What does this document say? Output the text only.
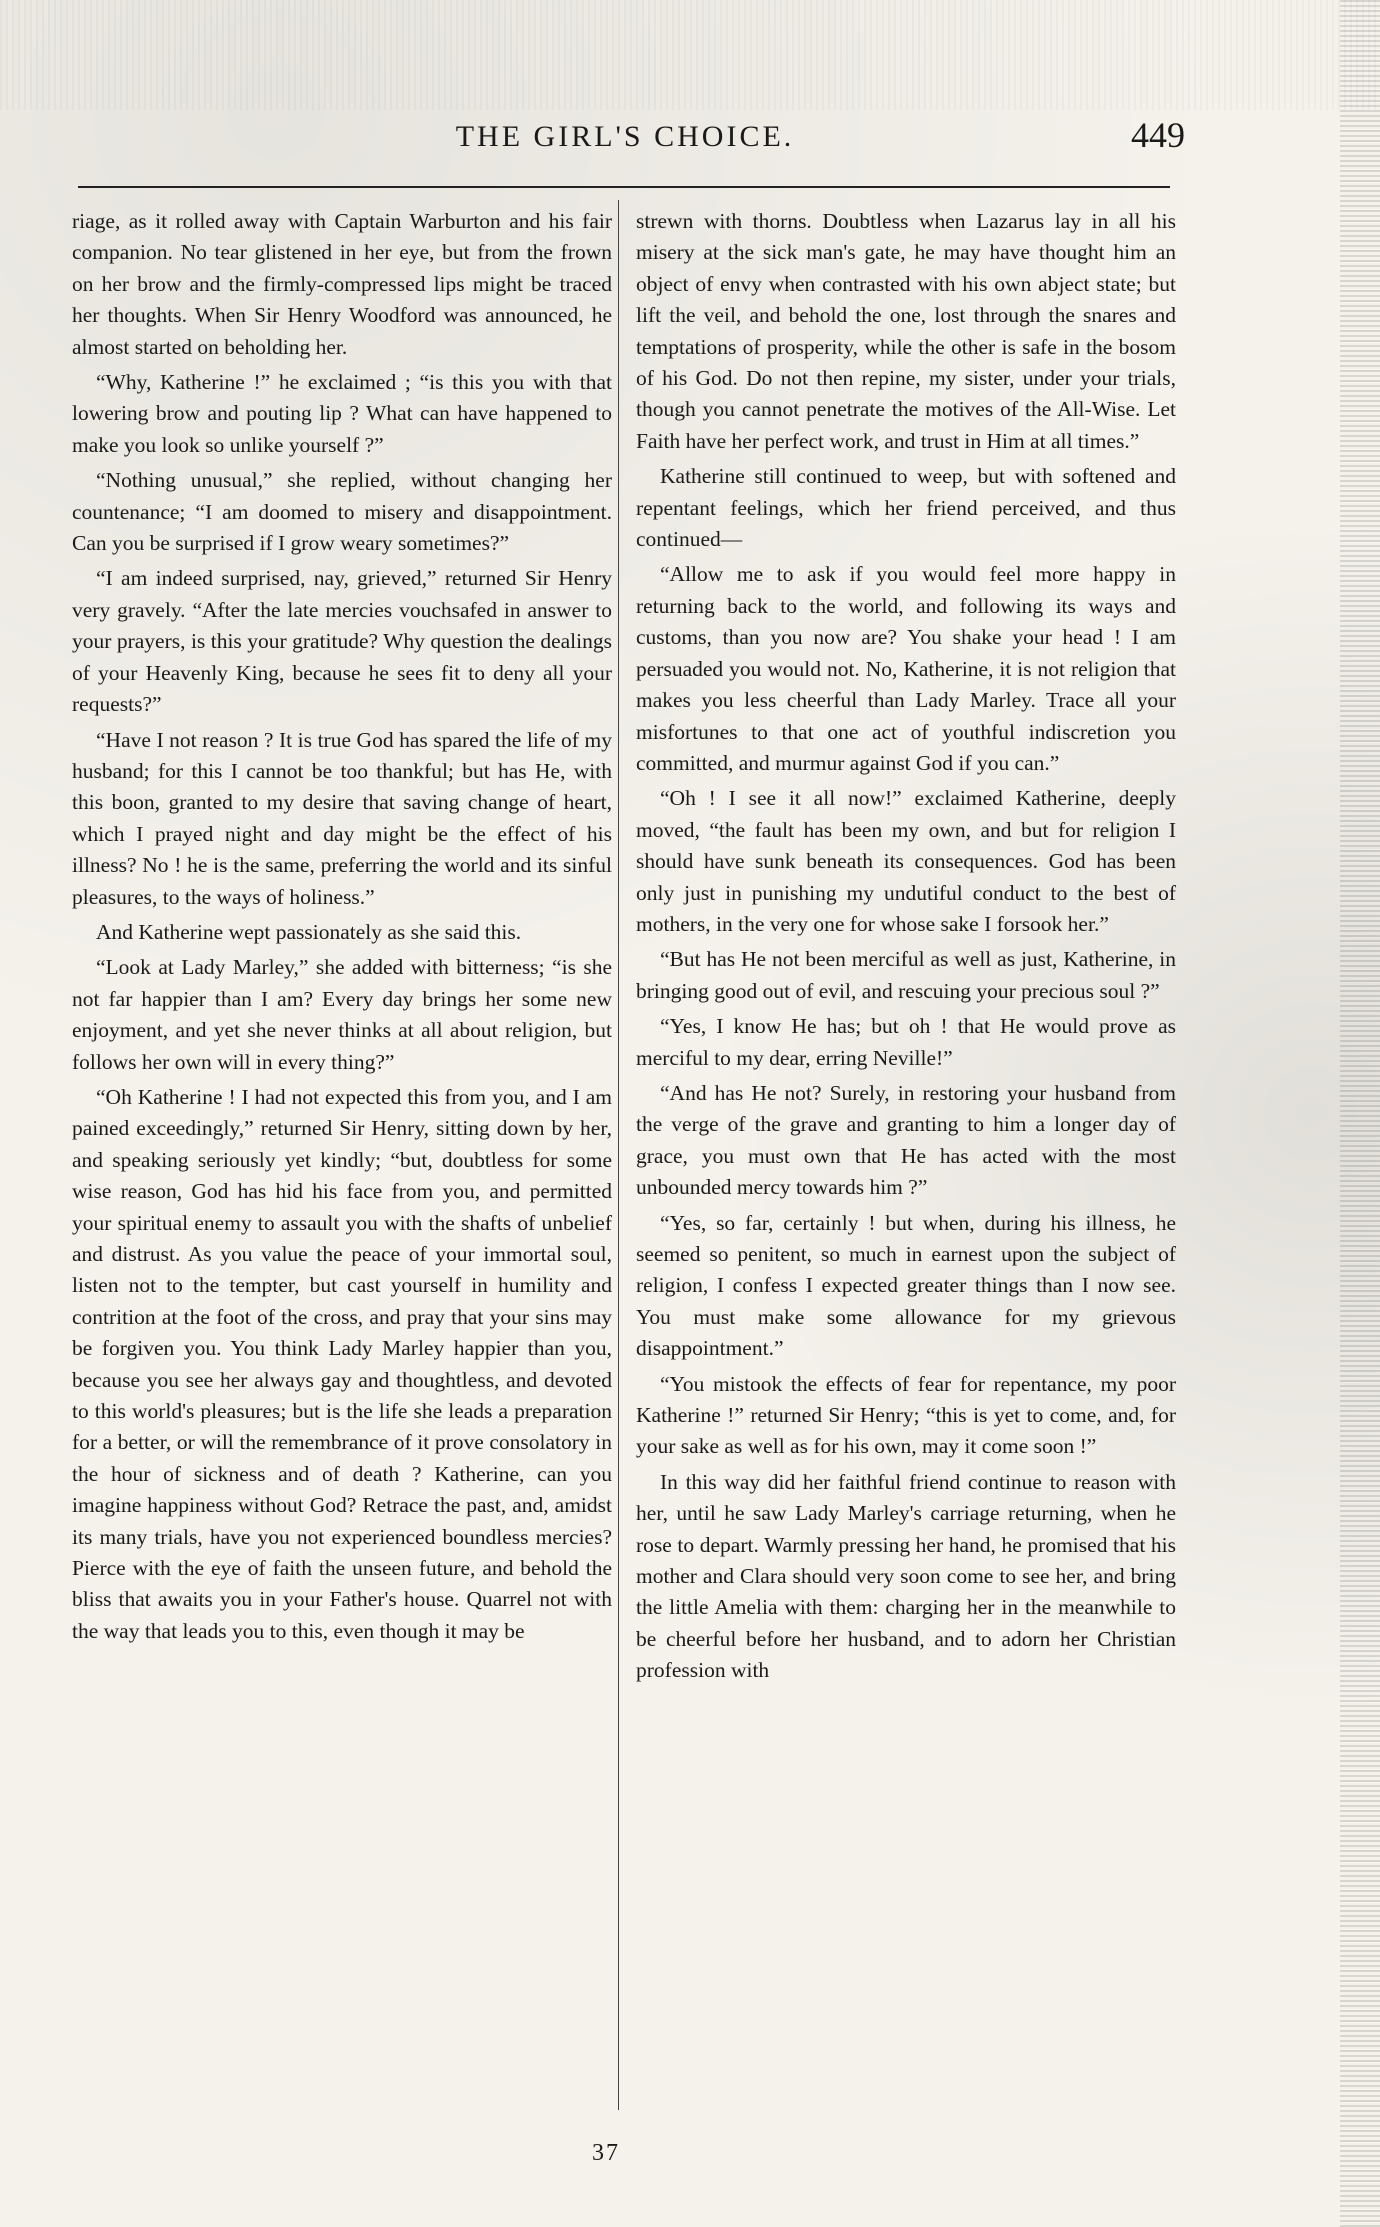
THE GIRL'S CHOICE.	449

riage, as it rolled away with Captain Warburton and his fair companion. No tear glistened in her eye, but from the frown on her brow and the firmly-compressed lips might be traced her thoughts. When Sir Henry Woodford was announced, he almost started on beholding her.

“Why, Katherine !” he exclaimed ; “is this you with that lowering brow and pouting lip ? What can have happened to make you look so unlike yourself ?”

“Nothing unusual,” she replied, without changing her countenance; “I am doomed to misery and disappointment. Can you be surprised if I grow weary sometimes?”

“I am indeed surprised, nay, grieved,” returned Sir Henry very gravely. “After the late mercies vouchsafed in answer to your prayers, is this your gratitude? Why question the dealings of your Heavenly King, because he sees fit to deny all your requests?”

“Have I not reason ? It is true God has spared the life of my husband; for this I cannot be too thankful; but has He, with this boon, granted to my desire that saving change of heart, which I prayed night and day might be the effect of his illness? No ! he is the same, preferring the world and its sinful pleasures, to the ways of holiness.”

And Katherine wept passionately as she said this.

“Look at Lady Marley,” she added with bitterness; “is she not far happier than I am? Every day brings her some new enjoyment, and yet she never thinks at all about religion, but follows her own will in every thing?”

“Oh Katherine ! I had not expected this from you, and I am pained exceedingly,” returned Sir Henry, sitting down by her, and speaking seriously yet kindly; “but, doubtless for some wise reason, God has hid his face from you, and permitted your spiritual enemy to assault you with the shafts of unbelief and distrust. As you value the peace of your immortal soul, listen not to the tempter, but cast yourself in humility and contrition at the foot of the cross, and pray that your sins may be forgiven you. You think Lady Marley happier than you, because you see her always gay and thoughtless, and devoted to this world's pleasures; but is the life she leads a preparation for a better, or will the remembrance of it prove consolatory in the hour of sickness and of death ? Katherine, can you imagine happiness without God? Retrace the past, and, amidst its many trials, have you not experienced boundless mercies? Pierce with the eye of faith the unseen future, and behold the bliss that awaits you in your Father's house. Quarrel not with the way that leads you to this, even though it may be

strewn with thorns. Doubtless when Lazarus lay in all his misery at the sick man's gate, he may have thought him an object of envy when contrasted with his own abject state; but lift the veil, and behold the one, lost through the snares and temptations of prosperity, while the other is safe in the bosom of his God. Do not then repine, my sister, under your trials, though you cannot penetrate the motives of the All-Wise. Let Faith have her perfect work, and trust in Him at all times.”

Katherine still continued to weep, but with softened and repentant feelings, which her friend perceived, and thus continued—

“Allow me to ask if you would feel more happy in returning back to the world, and following its ways and customs, than you now are? You shake your head ! I am persuaded you would not. No, Katherine, it is not religion that makes you less cheerful than Lady Marley. Trace all your misfortunes to that one act of youthful indiscretion you committed, and murmur against God if you can.”

“Oh ! I see it all now!” exclaimed Katherine, deeply moved, “the fault has been my own, and but for religion I should have sunk beneath its consequences. God has been only just in punishing my undutiful conduct to the best of mothers, in the very one for whose sake I forsook her.”

“But has He not been merciful as well as just, Katherine, in bringing good out of evil, and rescuing your precious soul ?”

“Yes, I know He has; but oh ! that He would prove as merciful to my dear, erring Neville!”

“And has He not? Surely, in restoring your husband from the verge of the grave and granting to him a longer day of grace, you must own that He has acted with the most unbounded mercy towards him ?”

“Yes, so far, certainly ! but when, during his illness, he seemed so penitent, so much in earnest upon the subject of religion, I confess I expected greater things than I now see. You must make some allowance for my grievous disappointment.”

“You mistook the effects of fear for repentance, my poor Katherine !” returned Sir Henry; “this is yet to come, and, for your sake as well as for his own, may it come soon !”

In this way did her faithful friend continue to reason with her, until he saw Lady Marley's carriage returning, when he rose to depart. Warmly pressing her hand, he promised that his mother and Clara should very soon come to see her, and bring the little Amelia with them: charging her in the meanwhile to be cheerful before her husband, and to adorn her Christian profession with

37
